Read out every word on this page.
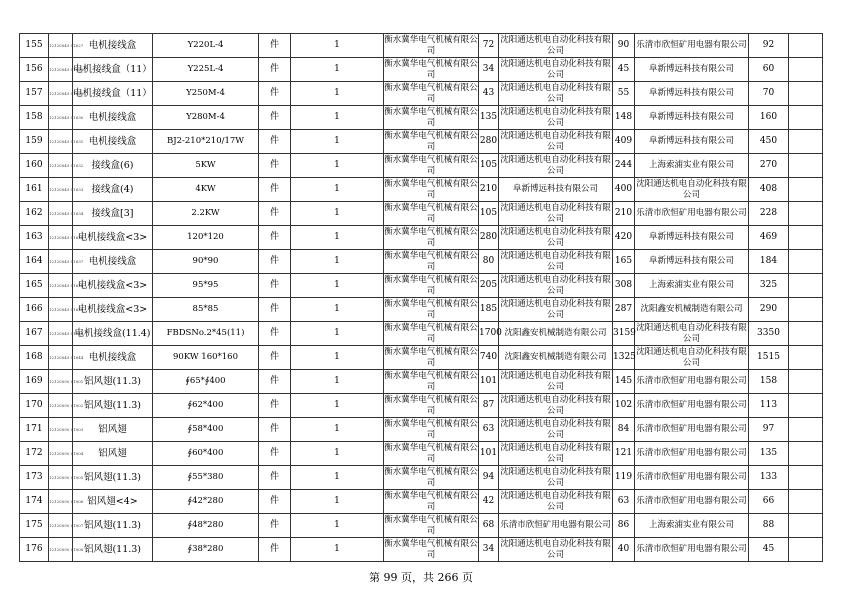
155	12120049 01627	电机接线盒	Y220L-4	件	1	衡水冀华电气机械有限公司	72	沈阳通达机电自动化科技有限公司	90	乐清市欣恒矿用电器有限公司	92	
156	12120049 01628	电机接线盒（11）	Y225L-4	件	1	衡水冀华电气机械有限公司	34	沈阳通达机电自动化科技有限公司	45	阜新博远科技有限公司	60	
157	12120049 01629	电机接线盒（11）	Y250M-4	件	1	衡水冀华电气机械有限公司	43	沈阳通达机电自动化科技有限公司	55	阜新博远科技有限公司	70	
158	12120049 01630	电机接线盒	Y280M-4	件	1	衡水冀华电气机械有限公司	135	沈阳通达机电自动化科技有限公司	148	阜新博远科技有限公司	160	
159	12120049 01631	电机接线盒	BJ2-210*210/17W	件	1	衡水冀华电气机械有限公司	280	沈阳通达机电自动化科技有限公司	409	阜新博远科技有限公司	450	
160	12120049 01632	接线盒(6)	5KW	件	1	衡水冀华电气机械有限公司	105	沈阳通达机电自动化科技有限公司	244	上海索浦实业有限公司	270	
161	12120049 01633	接线盒(4)	4KW	件	1	衡水冀华电气机械有限公司	210	阜新博远科技有限公司	400	沈阳通达机电自动化科技有限公司	408	
162	12120049 01634	接线盒[3]	2.2KW	件	1	衡水冀华电气机械有限公司	105	沈阳通达机电自动化科技有限公司	210	乐清市欣恒矿用电器有限公司	228	
163	12120049 01635	电机接线盒<3>	120*120	件	1	衡水冀华电气机械有限公司	280	沈阳通达机电自动化科技有限公司	420	阜新博远科技有限公司	469	
164	12120049 01637	电机接线盒	90*90	件	1	衡水冀华电气机械有限公司	80	沈阳通达机电自动化科技有限公司	165	阜新博远科技有限公司	184	
165	12120049 01638	电机接线盒<3>	95*95	件	1	衡水冀华电气机械有限公司	205	沈阳通达机电自动化科技有限公司	308	上海索浦实业有限公司	325	
166	12120049 01639	电机接线盒<3>	85*85	件	1	衡水冀华电气机械有限公司	185	沈阳通达机电自动化科技有限公司	287	沈阳鑫安机械制造有限公司	290	
167	12120049 01640	电机接线盒(11.4)	FBDSNo.2*45(11)	件	1	衡水冀华电气机械有限公司	1700	沈阳鑫安机械制造有限公司	3159	沈阳通达机电自动化科技有限公司	3350	
168	12120049 01644	电机接线盒	90KW 160*160	件	1	衡水冀华电气机械有限公司	740	沈阳鑫安机械制造有限公司	1325	沈阳通达机电自动化科技有限公司	1515	
169	12120050 01001	铝风翅(11.3)	∮65*∮400	件	1	衡水冀华电气机械有限公司	101	沈阳通达机电自动化科技有限公司	145	乐清市欣恒矿用电器有限公司	158	
170	12120050 01002	铝风翅(11.3)	∮62*400	件	1	衡水冀华电气机械有限公司	87	沈阳通达机电自动化科技有限公司	102	乐清市欣恒矿用电器有限公司	113	
171	12120050 01003	铝风翅	∮58*400	件	1	衡水冀华电气机械有限公司	63	沈阳通达机电自动化科技有限公司	84	乐清市欣恒矿用电器有限公司	97	
172	12120050 01004	铝风翅	∮60*400	件	1	衡水冀华电气机械有限公司	101	沈阳通达机电自动化科技有限公司	121	乐清市欣恒矿用电器有限公司	135	
173	12120050 01005	铝风翅(11.3)	∮55*380	件	1	衡水冀华电气机械有限公司	94	沈阳通达机电自动化科技有限公司	119	乐清市欣恒矿用电器有限公司	133	
174	12120050 01006	铝风翅<4>	∮42*280	件	1	衡水冀华电气机械有限公司	42	沈阳通达机电自动化科技有限公司	63	乐清市欣恒矿用电器有限公司	66	
175	12120050 01007	铝风翅(11.3)	∮48*280	件	1	衡水冀华电气机械有限公司	68	乐清市欣恒矿用电器有限公司	86	上海索浦实业有限公司	88	
176	12120050 01008	铝风翅(11.3)	∮38*280	件	1	衡水冀华电气机械有限公司	34	沈阳通达机电自动化科技有限公司	40	乐清市欣恒矿用电器有限公司	45	
第 99 页，共 266 页
